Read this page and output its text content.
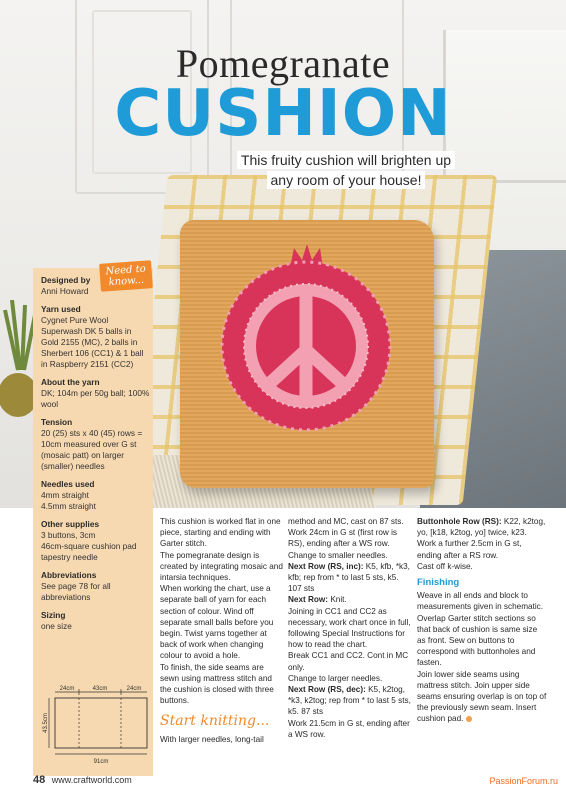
Pomegranate
CUSHION
This fruity cushion will brighten up
any room of your house!
Designed by
Anni Howard
Yarn used
Cygnet Pure Wool Superwash DK 5 balls in Gold 2155 (MC), 2 balls in Sherbert 106 (CC1) & 1 ball in Raspberry 2151 (CC2)
About the yarn
DK; 104m per 50g ball; 100% wool
Tension
20 (25) sts x 40 (45) rows = 10cm measured over G st (mosaic patt) on larger (smaller) needles
Needles used
4mm straight
4.5mm straight
Other supplies
3 buttons, 3cm
46cm-square cushion pad
tapestry needle
Abbreviations
See page 78 for all abbreviations
Sizing
one size
24cm	43cm	24cm
43.5cm
91cm
Need to know...

This cushion is worked flat in one piece, starting and ending with Garter stitch.

The pomegranate design is created by integrating mosaic and intarsia techniques.

When working the chart, use a separate ball of yarn for each section of colour. Wind off separate small balls before you begin. Twist yarns together at back of work when changing colour to avoid a hole.

To finish, the side seams are sewn using mattress stitch and the cushion is closed with three buttons.

Start knitting...

With larger needles, long-tail

method and MC, cast on 87 sts. Work 24cm in G st (first row is RS), ending after a WS row.

Change to smaller needles.

Next Row (RS, inc): K5, kfb, *k3, kfb; rep from * to last 5 sts, k5. 107 sts

Next Row: Knit.

Joining in CC1 and CC2 as necessary, work chart once in full, following Special Instructions for how to read the chart.

Break CC1 and CC2. Cont in MC only.

Change to larger needles.

Next Row (RS, dec): K5, k2tog, *k3, k2tog; rep from * to last 5 sts, k5. 87 sts

Work 21.5cm in G st, ending after a WS row.

Buttonhole Row (RS): K22, k2tog, yo, [k18, k2tog, yo] twice, k23.

Work a further 2.5cm in G st, ending after a RS row.

Cast off k-wise.

Finishing

Weave in all ends and block to measurements given in schematic.

Overlap Garter stitch sections so that back of cushion is same size as front. Sew on buttons to correspond with buttonholes and fasten.

Join lower side seams using mattress stitch. Join upper side seams ensuring overlap is on top of the previously sewn seam. Insert cushion pad.

48 www.craftworld.com	PassionForum.ru
